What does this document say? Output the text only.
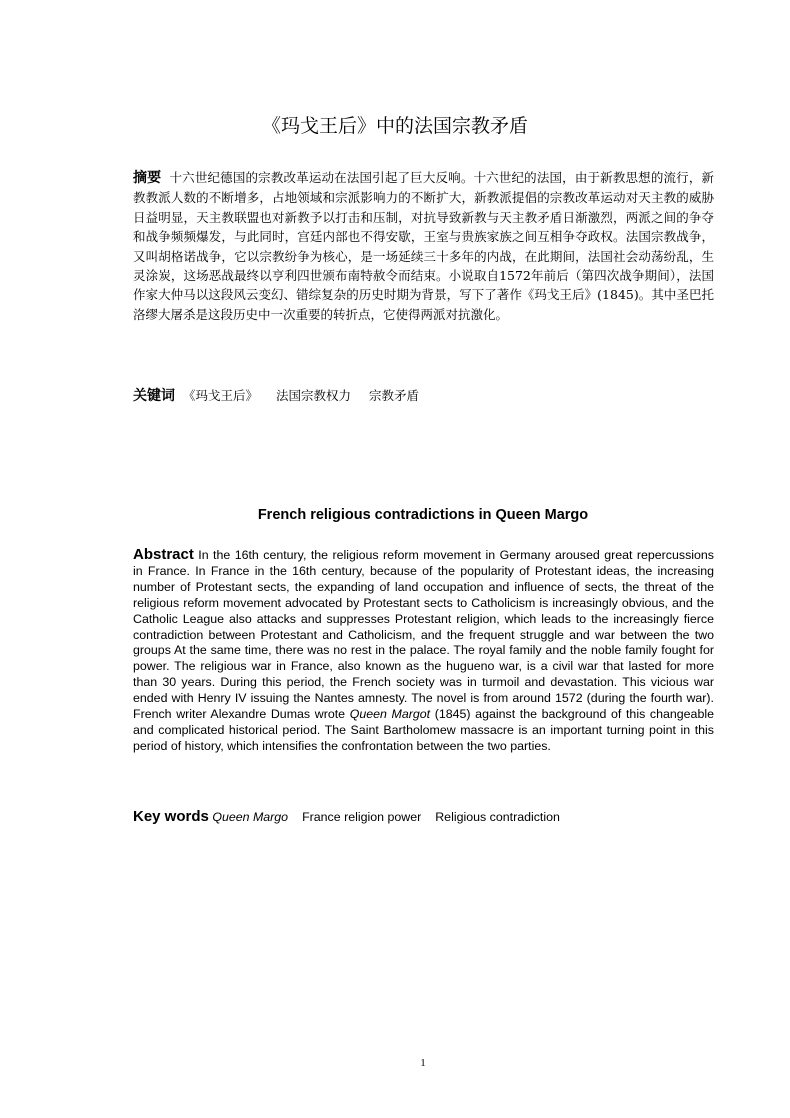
《玛戈王后》中的法国宗教矛盾
摘要 十六世纪德国的宗教改革运动在法国引起了巨大反响。十六世纪的法国，由于新教思想的流行，新教教派人数的不断增多，占地领域和宗派影响力的不断扩大，新教派提倡的宗教改革运动对天主教的威胁日益明显，天主教联盟也对新教予以打击和压制，对抗导致新教与天主教矛盾日渐激烈，两派之间的争夺和战争频频爆发，与此同时，宫廷内部也不得安歇，王室与贵族家族之间互相争夺政权。法国宗教战争，又叫胡格诺战争，它以宗教纷争为核心，是一场延续三十多年的内战，在此期间，法国社会动荡纷乱，生灵涂炭，这场恶战最终以亨利四世颁布南特赦令而结束。小说取自1572年前后（第四次战争期间），法国作家大仲马以这段风云变幻、错综复杂的历史时期为背景，写下了著作《玛戈王后》(1845)。其中圣巴托洛缪大屠杀是这段历史中一次重要的转折点，它使得两派对抗激化。
关键词 《玛戈王后》 法国宗教权力 宗教矛盾
French religious contradictions in Queen Margo
Abstract In the 16th century, the religious reform movement in Germany aroused great repercussions in France. In France in the 16th century, because of the popularity of Protestant ideas, the increasing number of Protestant sects, the expanding of land occupation and influence of sects, the threat of the religious reform movement advocated by Protestant sects to Catholicism is increasingly obvious, and the Catholic League also attacks and suppresses Protestant religion, which leads to the increasingly fierce contradiction between Protestant and Catholicism, and the frequent struggle and war between the two groups At the same time, there was no rest in the palace. The royal family and the noble family fought for power. The religious war in France, also known as the hugueno war, is a civil war that lasted for more than 30 years. During this period, the French society was in turmoil and devastation. This vicious war ended with Henry IV issuing the Nantes amnesty. The novel is from around 1572 (during the fourth war). French writer Alexandre Dumas wrote Queen Margot (1845) against the background of this changeable and complicated historical period. The Saint Bartholomew massacre is an important turning point in this period of history, which intensifies the confrontation between the two parties.
Key words Queen Margo France religion power Religious contradiction
1
